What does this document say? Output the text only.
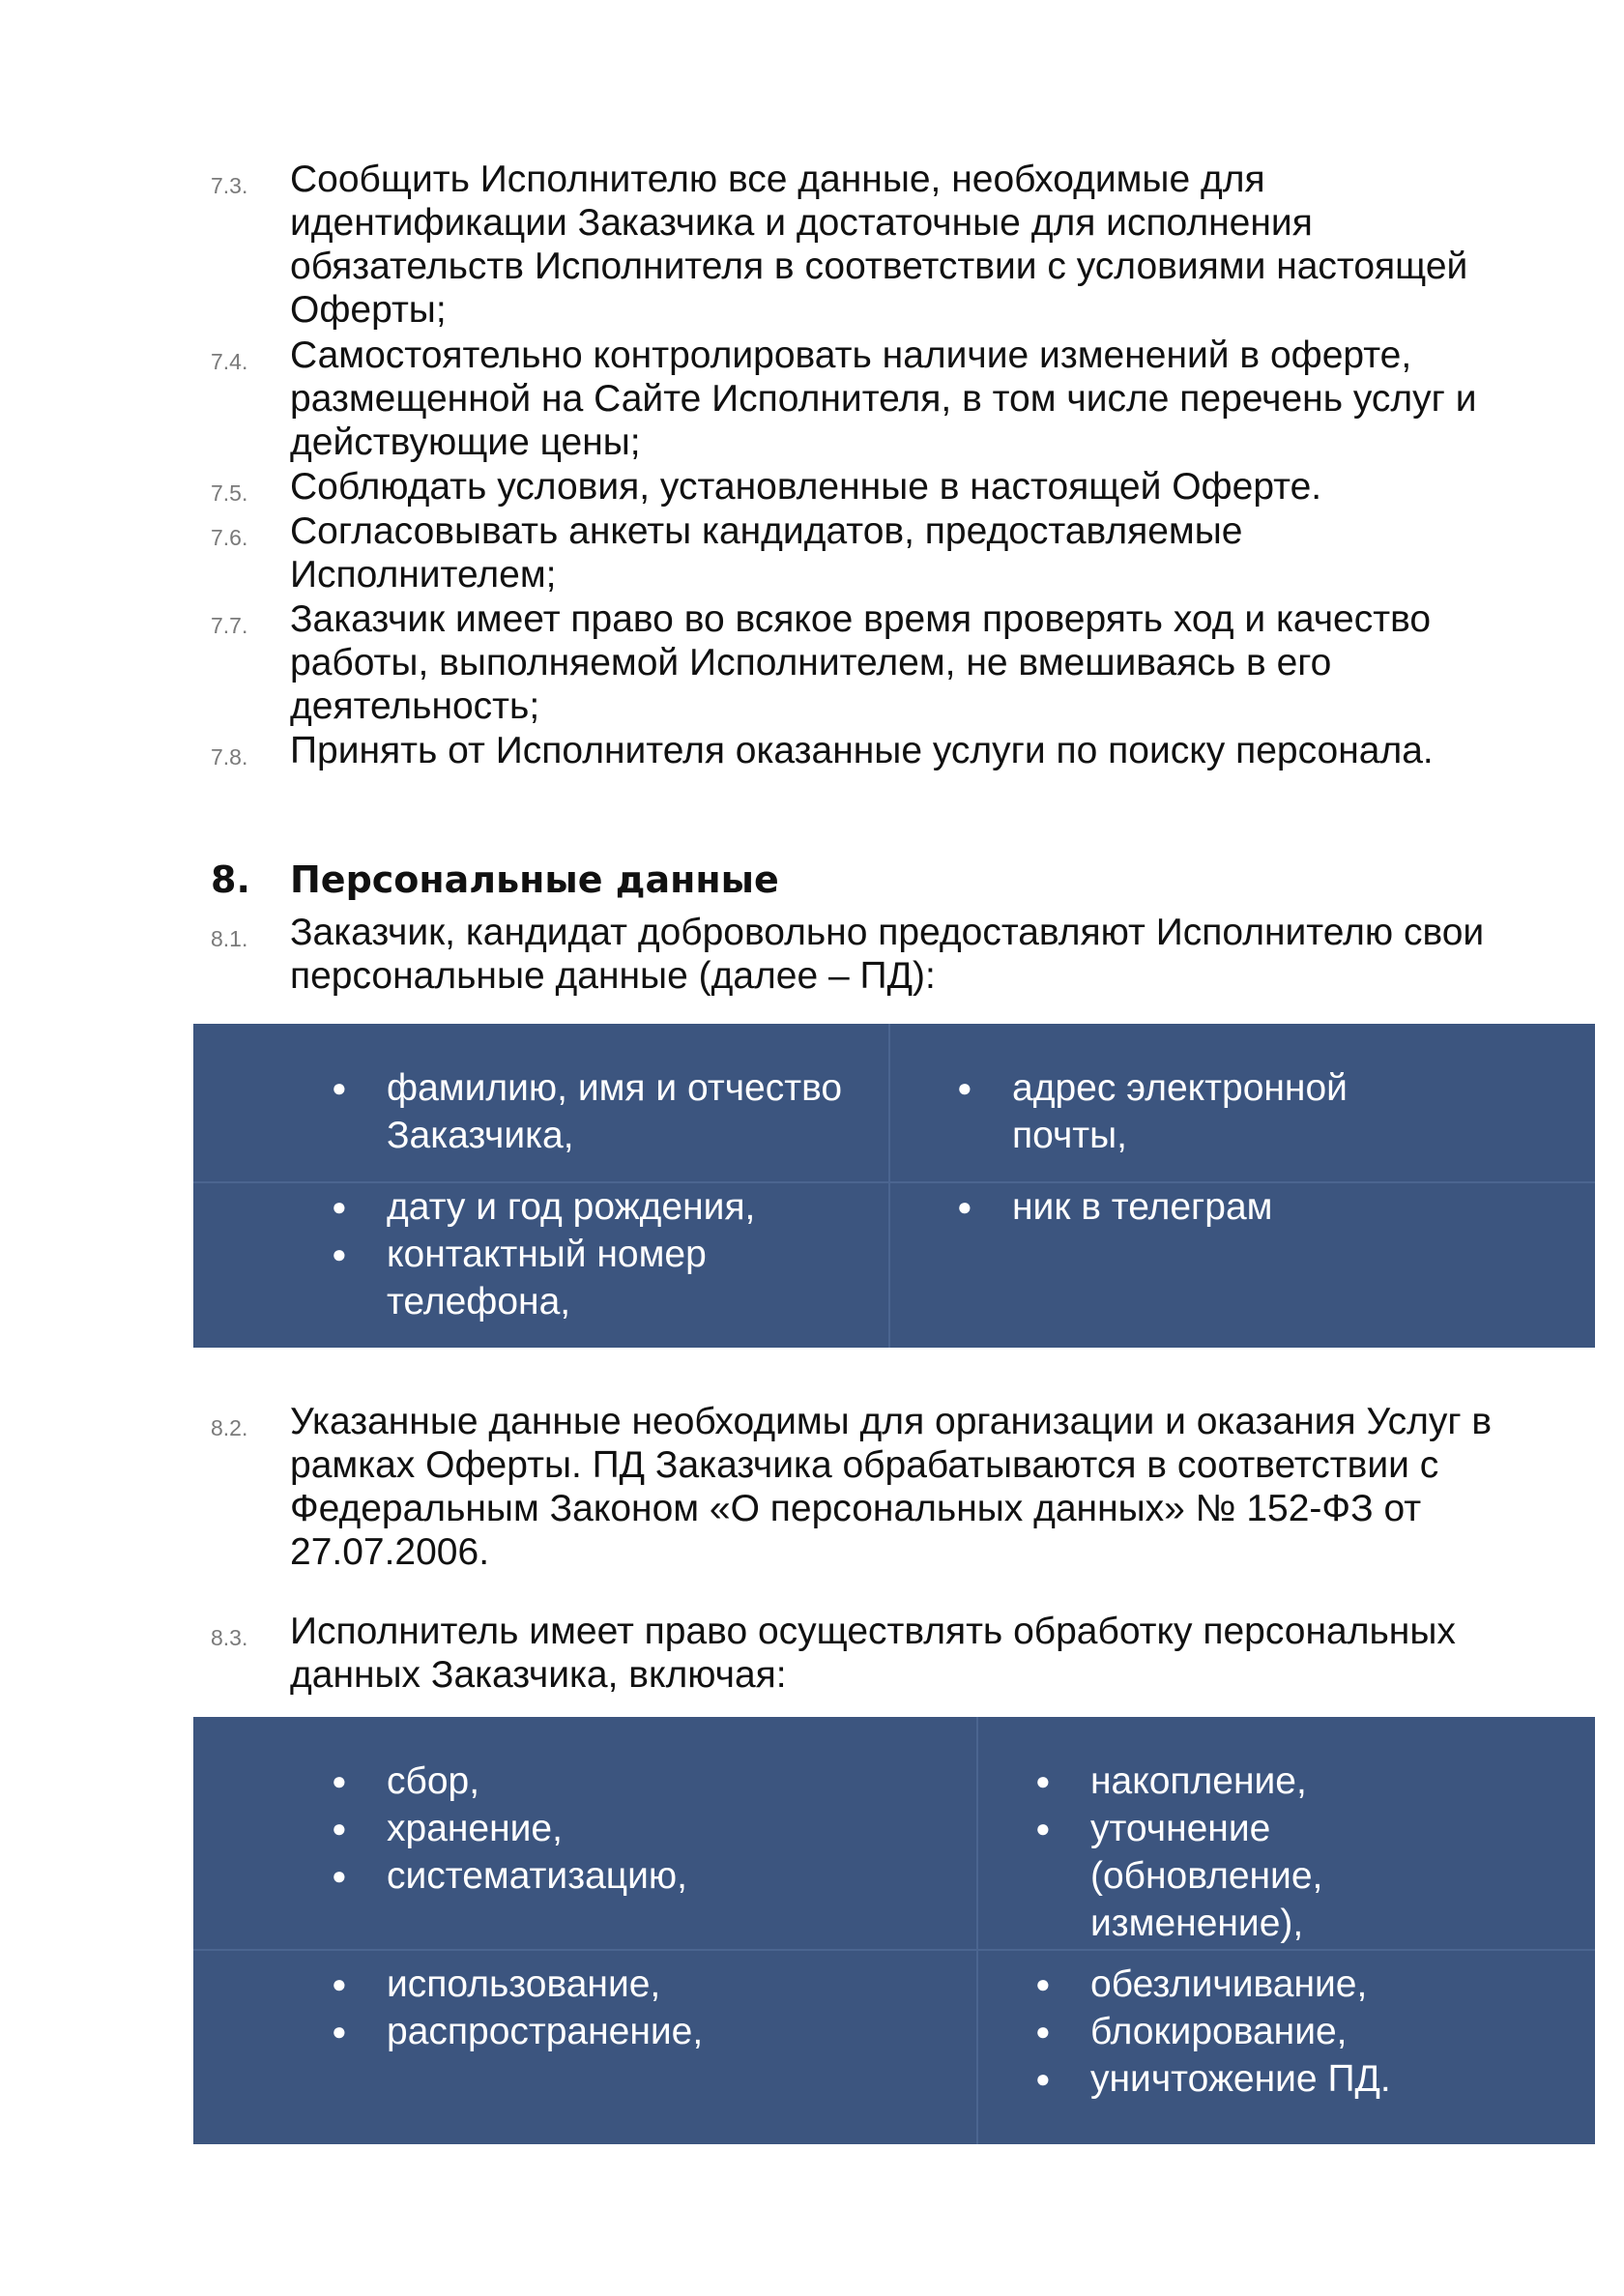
7.3. Сообщить Исполнителю все данные, необходимые для идентификации Заказчика и достаточные для исполнения обязательств Исполнителя в соответствии с условиями настоящей Оферты;

7.4. Самостоятельно контролировать наличие изменений в оферте, размещенной на Сайте Исполнителя, в том числе перечень услуг и действующие цены;

7.5. Соблюдать условия, установленные в настоящей Оферте.

7.6. Согласовывать анкеты кандидатов, предоставляемые Исполнителем;

7.7. Заказчик имеет право во всякое время проверять ход и качество работы, выполняемой Исполнителем, не вмешиваясь в его деятельность;

7.8. Принять от Исполнителя оказанные услуги по поиску персонала.

8. Персональные данные
8.1. Заказчик, кандидат добровольно предоставляют Исполнителю свои персональные данные (далее – ПД):

● фамилию, имя и отчество Заказчика,
● адрес электронной почты,
● дату и год рождения,
● контактный номер телефона,
● ник в телеграм
8.2. Указанные данные необходимы для организации и оказания Услуг в рамках Оферты. ПД Заказчика обрабатываются в соответствии с Федеральным Законом «О персональных данных» № 152-ФЗ от 27.07.2006.

8.3. Исполнитель имеет право осуществлять обработку персональных данных Заказчика, включая:

● сбор,
● хранение,
● систематизацию,
● накопление,
● уточнение (обновление, изменение),
● использование,
● распространение,
● обезличивание,
● блокирование,
● уничтожение ПД.
